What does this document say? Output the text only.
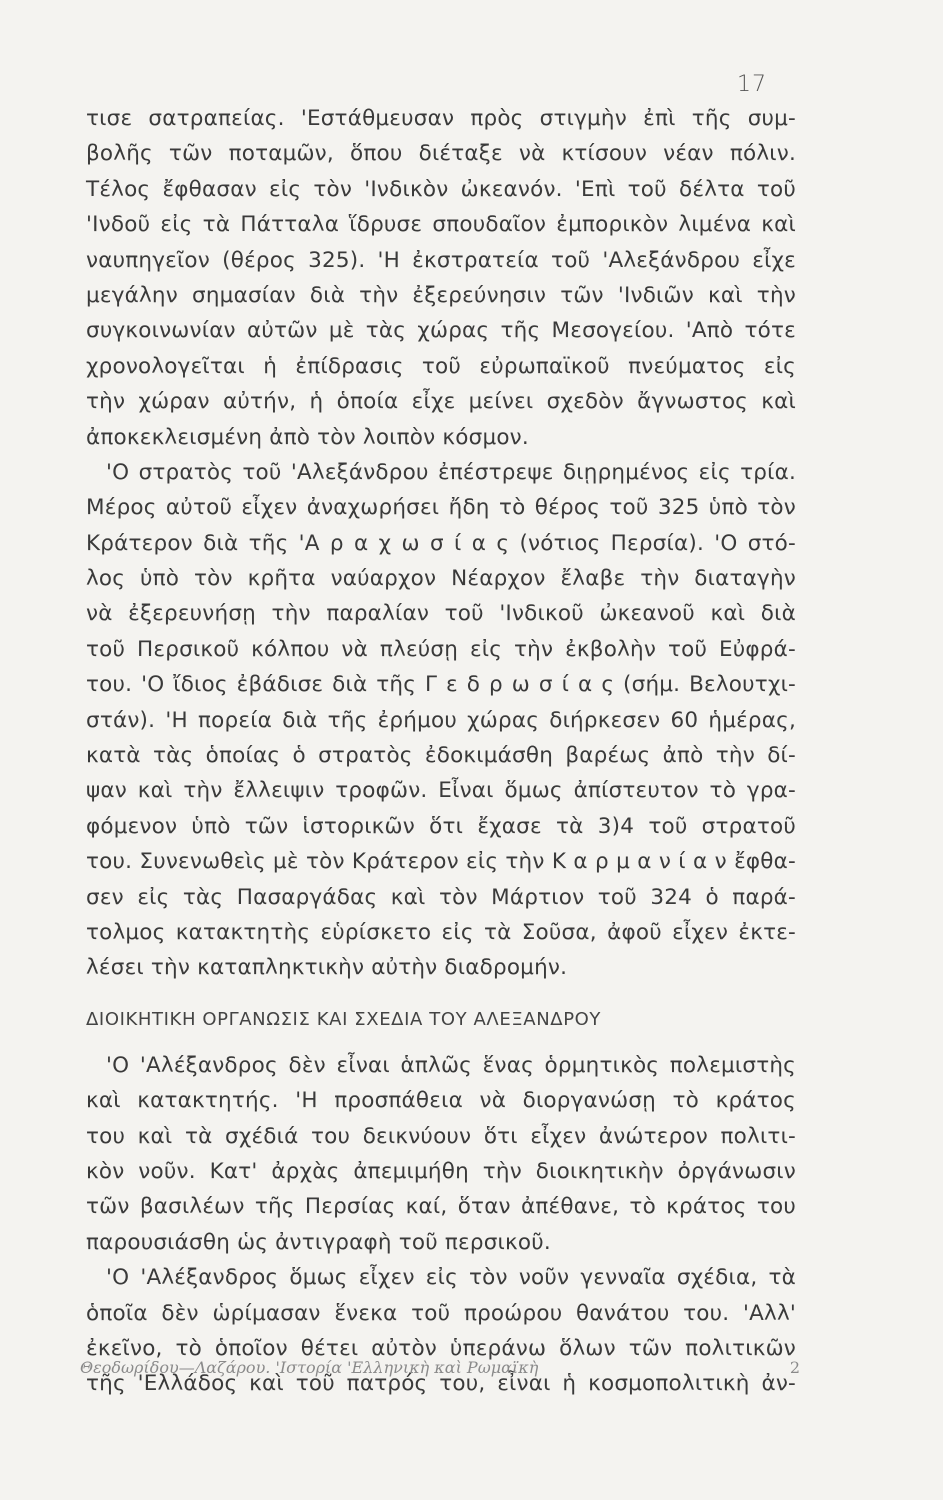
17
τισε σατραπείας. 'Εστάθμευσαν πρὸς στιγμὴν ἐπὶ τῆς συμ-
βολῆς τῶν ποταμῶν, ὅπου διέταξε νὰ κτίσουν νέαν πόλιν.
Τέλος ἔφθασαν εἰς τὸν 'Ινδικὸν ὠκεανόν. 'Επὶ τοῦ δέλτα τοῦ
'Ινδοῦ εἰς τὰ Πάτταλα ἵδρυσε σπουδαῖον ἐμπορικὸν λιμένα καὶ
ναυπηγεῖον (θέρος 325). 'Η ἐκστρατεία τοῦ 'Αλεξάνδρου εἶχε
μεγάλην σημασίαν διὰ τὴν ἐξερεύνησιν τῶν 'Ινδιῶν καὶ τὴν
συγκοινωνίαν αὐτῶν μὲ τὰς χώρας τῆς Μεσογείου. 'Απὸ τότε
χρονολογεῖται ἡ ἐπίδρασις τοῦ εὐρωπαϊκοῦ πνεύματος εἰς
τὴν χώραν αὐτήν, ἡ ὁποία εἶχε μείνει σχεδὸν ἄγνωστος καὶ
ἀποκεκλεισμένη ἀπὸ τὸν λοιπὸν κόσμον.
'Ο στρατὸς τοῦ 'Αλεξάνδρου ἐπέστρεψε διῃρημένος εἰς τρία.
Μέρος αὐτοῦ εἶχεν ἀναχωρήσει ἤδη τὸ θέρος τοῦ 325 ὑπὸ τὸν
Κράτερον διὰ τῆς 'Α ρ α χ ω σ ί α ς (νότιος Περσία). 'Ο στό-
λος ὑπὸ τὸν κρῆτα ναύαρχον Νέαρχον ἔλαβε τὴν διαταγὴν
νὰ ἐξερευνήσῃ τὴν παραλίαν τοῦ 'Ινδικοῦ ὠκεανοῦ καὶ διὰ
τοῦ Περσικοῦ κόλπου νὰ πλεύσῃ εἰς τὴν ἐκβολὴν τοῦ Εὐφρά-
του. 'Ο ἴδιος ἐβάδισε διὰ τῆς Γ ε δ ρ ω σ ί α ς (σήμ. Βελουτχι-
στάν). 'Η πορεία διὰ τῆς ἐρήμου χώρας διήρκεσεν 60 ἡμέρας,
κατὰ τὰς ὁποίας ὁ στρατὸς ἐδοκιμάσθη βαρέως ἀπὸ τὴν δί-
ψαν καὶ τὴν ἔλλειψιν τροφῶν. Εἶναι ὅμως ἀπίστευτον τὸ γρα-
φόμενον ὑπὸ τῶν ἱστορικῶν ὅτι ἔχασε τὰ 3)4 τοῦ στρατοῦ
του. Συνενωθεὶς μὲ τὸν Κράτερον εἰς τὴν Κ α ρ μ α ν ί α ν ἔφθα-
σεν εἰς τὰς Πασαργάδας καὶ τὸν Μάρτιον τοῦ 324 ὁ παρά-
τολμος κατακτητὴς εὑρίσκετο εἰς τὰ Σοῦσα, ἀφοῦ εἶχεν ἐκτε-
λέσει τὴν καταπληκτικὴν αὐτὴν διαδρομήν.
ΔΙΟΙΚΗΤΙΚΗ ΟΡΓΑΝΩΣΙΣ ΚΑΙ ΣΧΕΔΙΑ ΤΟΥ ΑΛΕΞΑΝΔΡΟΥ
'Ο 'Αλέξανδρος δὲν εἶναι ἁπλῶς ἕνας ὁρμητικὸς πολεμιστὴς
καὶ κατακτητής. 'Η προσπάθεια νὰ διοργανώσῃ τὸ κράτος
του καὶ τὰ σχέδιά του δεικνύουν ὅτι εἶχεν ἀνώτερον πολιτι-
κὸν νοῦν. Κατ' ἀρχὰς ἀπεμιμήθη τὴν διοικητικὴν ὀργάνωσιν
τῶν βασιλέων τῆς Περσίας καί, ὅταν ἀπέθανε, τὸ κράτος του
παρουσιάσθη ὡς ἀντιγραφὴ τοῦ περσικοῦ.
'Ο 'Αλέξανδρος ὅμως εἶχεν εἰς τὸν νοῦν γενναῖα σχέδια, τὰ
ὁποῖα δὲν ὡρίμασαν ἕνεκα τοῦ προώρου θανάτου του. 'Αλλ'
ἐκεῖνο, τὸ ὁποῖον θέτει αὐτὸν ὑπεράνω ὅλων τῶν πολιτικῶν
τῆς 'Ελλάδος καὶ τοῦ πατρός του, εἶναι ἡ κοσμοπολιτικὴ ἀν-
Θεοδωρίδου—Λαζάρου. 'Ιστορία 'Ελληνικὴ καὶ Ρωμαϊκὴ	2
